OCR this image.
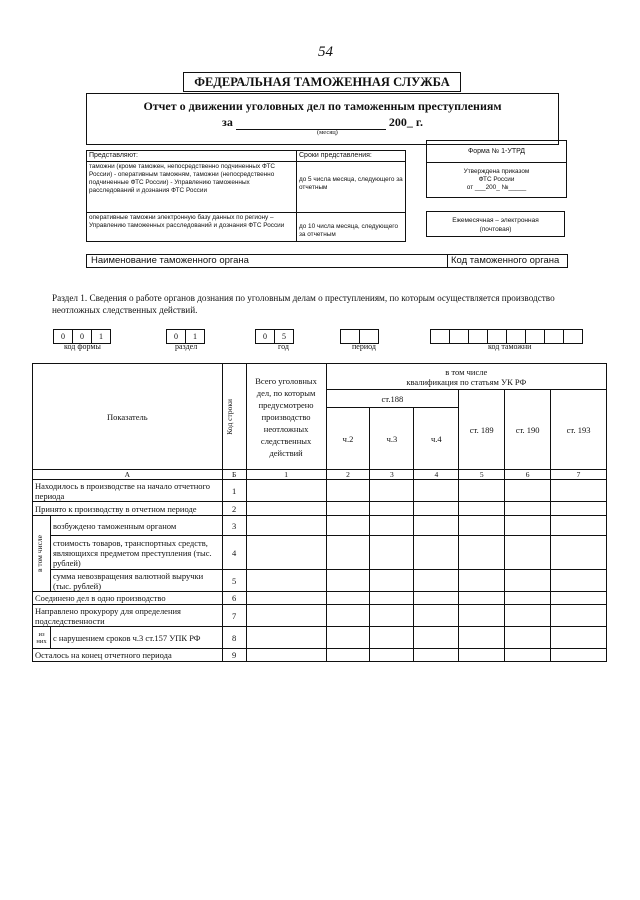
54
ФЕДЕРАЛЬНАЯ ТАМОЖЕННАЯ СЛУЖБА
Отчет о движении уголовных дел по таможенным преступлениям
за	200_ г.
(месяц)
Представляют:	Сроки представления:
таможни (кроме таможен, непосредственно подчиненных ФТС России) - оперативным таможням, таможни (непосредственно подчиненные ФТС России) - Управлению таможенных расследований и дознания ФТС России	до 5 числа месяца, следующего за отчетным
оперативные таможни электронную базу данных по региону – Управлению таможенных расследований и дознания ФТС России	до 10 числа месяца, следующего за отчетным
Форма № 1-УТРД
Утверждена приказом
ФТС России
от ___200_ №_____
Ежемесячная – электронная
(почтовая)
Наименование таможенного органа	Код таможенного органа
Раздел 1. Сведения о работе органов дознания по уголовным делам о преступлениям, по которым осуществляется производство неотложных следственных действий.
0	0	1
код формы
0	1
раздел
0	5
год
		период
								код таможни
Показатель		Код строки	Всего уголовных дел, по которым предусмотрено производство неотложных следственных действий	в том числе
квалификация по статьям УК РФ					

				ст.188			ст. 189	ст. 190	ст. 193
				ч.2	ч.3	ч.4			
А		Б	1	2	3	4	5	6	7
Находилось в производстве на начало отчетного периода		1							
Принято к производству в отчетном периоде		2							

в том числе	возбуждено таможенным органом	3							
	стоимость товаров, транспортных средств, являющихся предметом преступления (тыс. рублей)	4							
	сумма невозвращения валютной выручки (тыс. рублей)	5							
Соединено дел в одно производство		6							
Направлено прокурору для определения подследственности		7							
из них	с нарушением сроков ч.3 ст.157 УПК РФ	8							
Осталось на конец отчетного периода		9							
